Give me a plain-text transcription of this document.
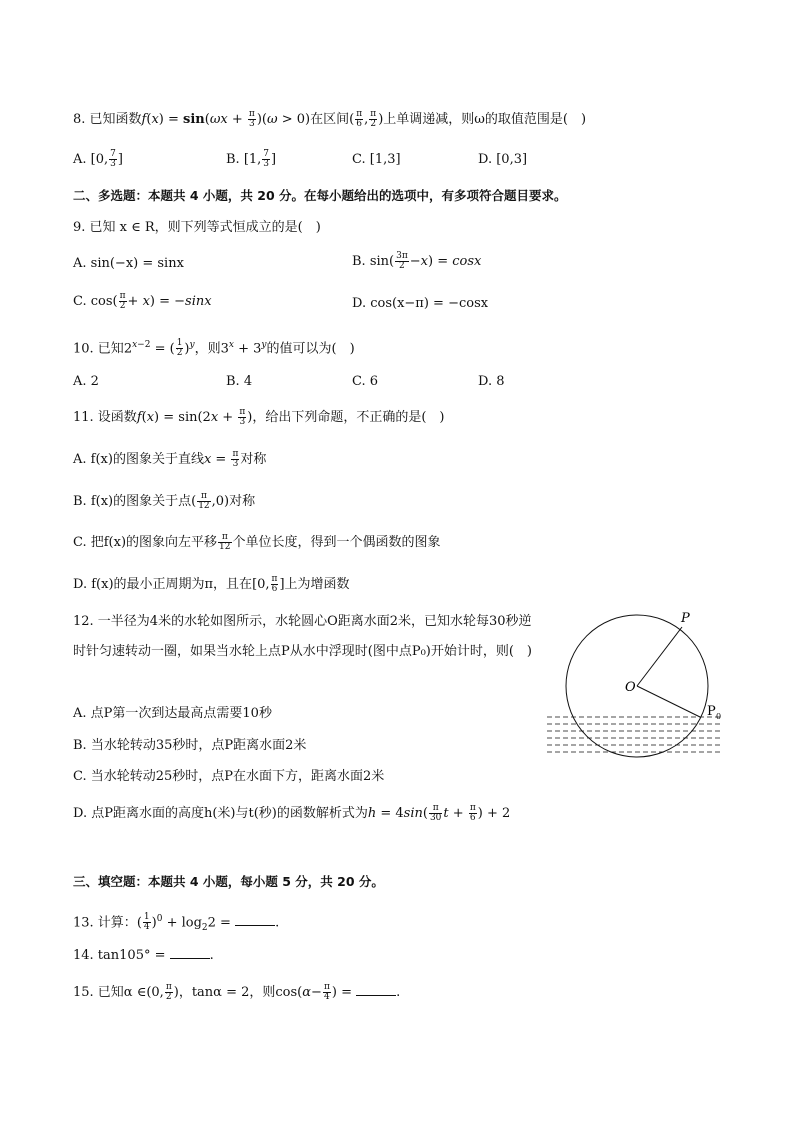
8. 已知函数$f(x) = \sin(\omega x + \frac{\pi}{3} )(\omega > 0)$在区间( $\frac{\pi}{6}$ , $\frac{\pi}{2}$ )上单调递减，则ω的取值范围是(　)
A. [0, $\frac{7}{3}$ ]	B. [1, $\frac{7}{3}$ ]	C. [1,3]	D. [0,3]
二、多选题：本题共 4 小题，共 20 分。在每小题给出的选项中，有多项符合题目要求。
9. 已知 x ∈ R，则下列等式恒成立的是(　)
A. sin(−x) = sinx	B. $\sin( \frac{3\pi}{2} -x) = \cos x$
C. $\cos( \frac{\pi}{2} + x) = -\sin x$	D. cos(x−π) = −cosx
10. 已知$2^{x-2}$ = ( $\frac{1}{2} )^y$，则$3^x + 3^y$的值可以为(　)
A. 2	B. 4	C. 6	D. 8
11. 设函数$f(x) = \sin(2x + \frac{\pi}{3}$ )，给出下列命题，不正确的是(　)
A. f(x)的图象关于直线$x = \frac{\pi}{3}$ 对称
B. f(x)的图象关于点( $\frac{\pi}{12} ,0$)对称
C. 把f(x)的图象向左平移 $\frac{\pi}{12}$ 个单位长度，得到一个偶函数的图象
D. f(x)的最小正周期为π，且在[0, $\frac{\pi}{6}$ ]上为增函数
12. 一半径为4米的水轮如图所示，水轮圆心O距离水面2米，已知水轮每30秒逆时针匀速转动一圈，如果当水轮上点P从水中浮现时(图中点P₀)开始计时，则(　)
A. 点P第一次到达最高点需要10秒
B. 当水轮转动35秒时，点P距离水面2米
C. 当水轮转动25秒时，点P在水面下方，距离水面2米
D. 点P距离水面的高度h(米)与t(秒)的函数解析式为$h = 4\sin( \frac{\pi}{30}$ $t + \frac{\pi}{6}$ ) + 2
P
O
P 0
三、填空题：本题共 4 小题，每小题 5 分，共 20 分。
13. 计算：( $\frac{1}{4} )^0 + \log_22$ =	.
14. tan105° =	.
15. 已知α ∈(0, $\frac{\pi}{2}$ )，tanα = 2，则$\cos(\alpha- \frac{\pi}{4}$ ) =	.
